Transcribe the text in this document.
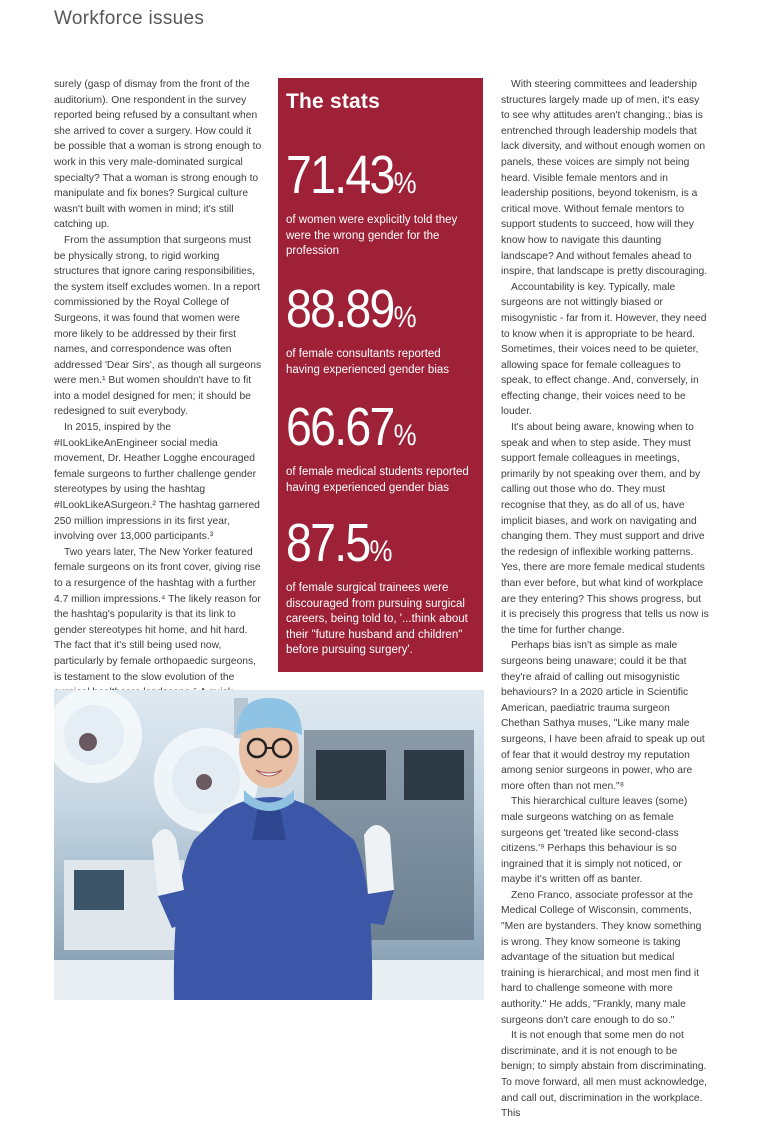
Workforce issues

surely (gasp of dismay from the front of the auditorium). One respondent in the survey reported being refused by a consultant when she arrived to cover a surgery. How could it be possible that a woman is strong enough to work in this very male-dominated surgical specialty? That a woman is strong enough to manipulate and fix bones? Surgical culture wasn't built with women in mind; it's still catching up.

From the assumption that surgeons must be physically strong, to rigid working structures that ignore caring responsibilities, the system itself excludes women. In a report commissioned by the Royal College of Surgeons, it was found that women were more likely to be addressed by their first names, and correspondence was often addressed 'Dear Sirs', as though all surgeons were men.¹ But women shouldn't have to fit into a model designed for men; it should be redesigned to suit everybody.

In 2015, inspired by the #ILookLikeAnEngineer social media movement, Dr. Heather Logghe encouraged female surgeons to further challenge gender stereotypes by using the hashtag #ILookLikeASurgeon.² The hashtag garnered 250 million impressions in its first year, involving over 13,000 participants.³

Two years later, The New Yorker featured female surgeons on its front cover, giving rise to a resurgence of the hashtag with a further 4.7 million impressions.⁴ The likely reason for the hashtag's popularity is that its link to gender stereotypes hit home, and hit hard. The fact that it's still being used now, particularly by female orthopaedic surgeons, is testament to the slow evolution of the

The stats
71.43%
of women were explicitly told they were the wrong gender for the profession
88.89%
of female consultants reported having experienced gender bias
66.67%
of female medical students reported having experienced gender bias
87.5%
of female surgical trainees were discouraged from pursuing surgical careers, being told to, '...think about their "future husband and children" before pursuing surgery'.

With steering committees and leadership structures largely made up of men, it's easy to see why attitudes aren't changing.; bias is entrenched through leadership models that lack diversity, and without enough women on panels, these voices are simply not being heard. Visible female mentors and in leadership positions, beyond tokenism, is a critical move. Without female mentors to support students to succeed, how will they know how to navigate this daunting landscape? And without females ahead to inspire, that landscape is pretty discouraging.

Accountability is key. Typically, male surgeons are not wittingly biased or misogynistic - far from it. However, they need to know when it is appropriate to be heard. Sometimes, their voices need to be quieter, allowing space for female colleagues to speak, to effect change. And, conversely, in effecting change, their voices need to be louder.

It's about being aware, knowing when to speak and when to step aside. They must support female colleagues in meetings, primarily by not speaking over them, and by calling out those who do. They must recognise that they, as do all of us, have implicit biases, and work on navigating and changing them. They must support and drive the redesign of inflexible working patterns. Yes, there are more female medical students than ever before, but what kind of workplace are they entering? This shows progress, but it is precisely this progress that tells us now is the time for further change.

Perhaps bias isn't as simple as male surgeons being unaware; could it be that they're afraid of calling out misogynistic behaviours? In a 2020 article in Scientific American, paediatric trauma surgeon Chethan Sathya muses, "Like many male surgeons, I have been afraid to speak up out of fear that it would destroy my reputation among senior surgeons in power, who are more often than not men."⁸

This hierarchical culture leaves (some) male surgeons watching on as female surgeons get 'treated like second-class citizens.'⁹ Perhaps this behaviour is so ingrained that it is simply not noticed, or maybe it's written off as banter.

Zeno Franco, associate professor at the Medical College of Wisconsin, comments, "Men are bystanders. They know something is wrong. They know someone is taking advantage of the situation but medical training is hierarchical, and most men find it hard to challenge someone with more authority." He adds, "Frankly, many male surgeons don't care enough to do so."

It is not enough that some men do not discriminate, and it is not enough to be benign; to simply abstain from discriminating. To move forward, all men must acknowledge, and call out, discrimination in the workplace. This
